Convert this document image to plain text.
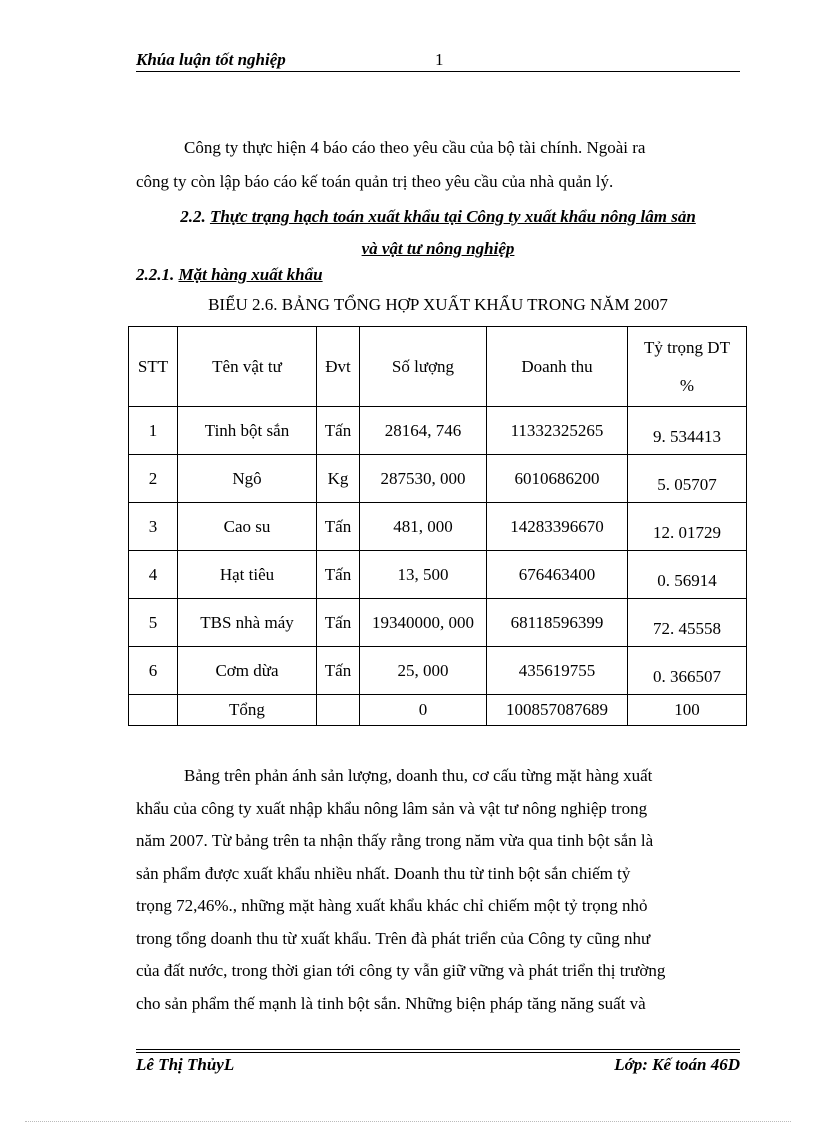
Khúa luận tốt nghiệp	1
Công ty thực hiện 4 báo cáo theo yêu cầu của bộ tài chính. Ngoài ra
công ty còn lập báo cáo kế toán quản trị theo yêu cầu của nhà quản lý.
2.2. Thực trạng hạch toán xuất khẩu tại Công ty xuất khẩu nông lâm sản
và vật tư nông nghiệp
2.2.1. Mặt hàng xuất khẩu
BIỂU 2.6. BẢNG TỔNG HỢP XUẤT KHẨU TRONG NĂM 2007
STT	Tên vật tư	Đvt	Số lượng	Doanh thu	Tỷ trọng DT
%

1	Tinh bột sắn	Tấn	28164, 746	11332325265	9. 534413
2	Ngô	Kg	287530, 000	6010686200	5. 05707
3	Cao su	Tấn	481, 000	14283396670	12. 01729
4	Hạt tiêu	Tấn	13, 500	676463400	0. 56914
5	TBS nhà máy	Tấn	19340000, 000	68118596399	72. 45558
6	Cơm dừa	Tấn	25, 000	435619755	0. 366507
	Tổng		0	100857087689	100
Bảng trên phản ánh sản lượng, doanh thu, cơ cấu từng mặt hàng xuất
khẩu của công ty xuất nhập khẩu nông lâm sản và vật tư nông nghiệp trong
năm 2007. Từ bảng trên ta nhận thấy rằng trong năm vừa qua tinh bột sắn là
sản phẩm được xuất khẩu nhiều nhất. Doanh thu từ tinh bột sắn chiếm tỷ
trọng 72,46%., những mặt hàng xuất khẩu khác chỉ chiếm một tỷ trọng nhỏ
trong tổng doanh thu từ xuất khẩu. Trên đà phát triển của Công ty cũng như
của đất nước, trong thời gian tới công ty vẫn giữ vững và phát triển thị trường
cho sản phẩm thế mạnh là tinh bột sắn. Những biện pháp tăng năng suất và
Lê Thị ThủyL	Lớp: Kế toán 46D
